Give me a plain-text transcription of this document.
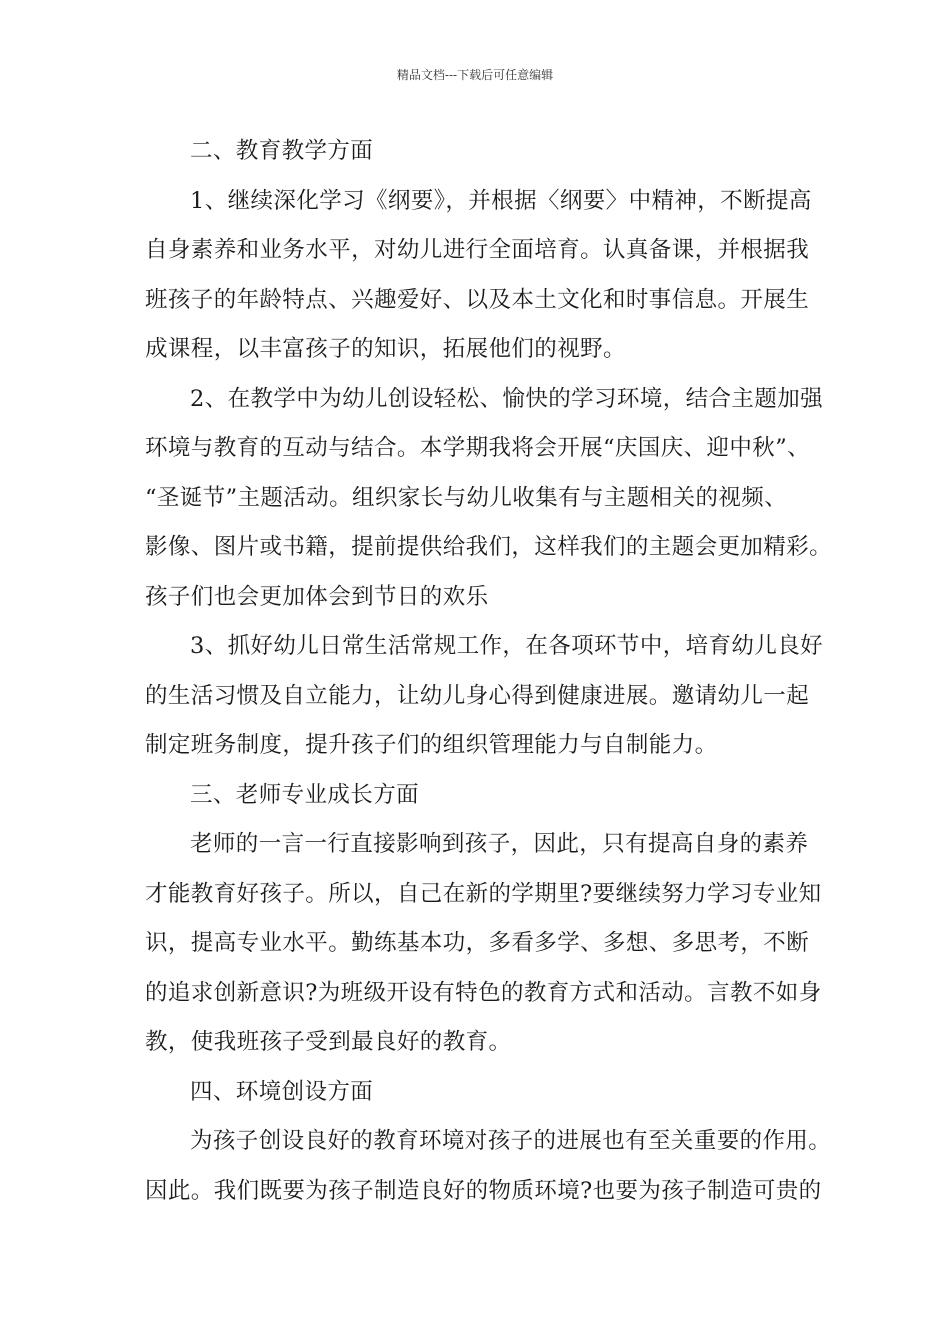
精品文档---下载后可任意编辑
二、教育教学方面
1、继续深化学习《纲要》，并根据〈纲要〉中精神，不断提高
自身素养和业务水平，对幼儿进行全面培育。认真备课，并根据我
班孩子的年龄特点、兴趣爱好、以及本土文化和时事信息。开展生
成课程，以丰富孩子的知识，拓展他们的视野。
2、在教学中为幼儿创设轻松、愉快的学习环境，结合主题加强
环境与教育的互动与结合。本学期我将会开展“庆国庆、迎中秋”、
“圣诞节”主题活动。组织家长与幼儿收集有与主题相关的视频、
影像、图片或书籍，提前提供给我们，这样我们的主题会更加精彩。
孩子们也会更加体会到节日的欢乐
3、抓好幼儿日常生活常规工作，在各项环节中，培育幼儿良好
的生活习惯及自立能力，让幼儿身心得到健康进展。邀请幼儿一起
制定班务制度，提升孩子们的组织管理能力与自制能力。
三、老师专业成长方面
老师的一言一行直接影响到孩子，因此，只有提高自身的素养
才能教育好孩子。所以，自己在新的学期里?要继续努力学习专业知
识，提高专业水平。勤练基本功，多看多学、多想、多思考，不断
的追求创新意识?为班级开设有特色的教育方式和活动。言教不如身
教，使我班孩子受到最良好的教育。
四、环境创设方面
为孩子创设良好的教育环境对孩子的进展也有至关重要的作用。
因此。我们既要为孩子制造良好的物质环境?也要为孩子制造可贵的
